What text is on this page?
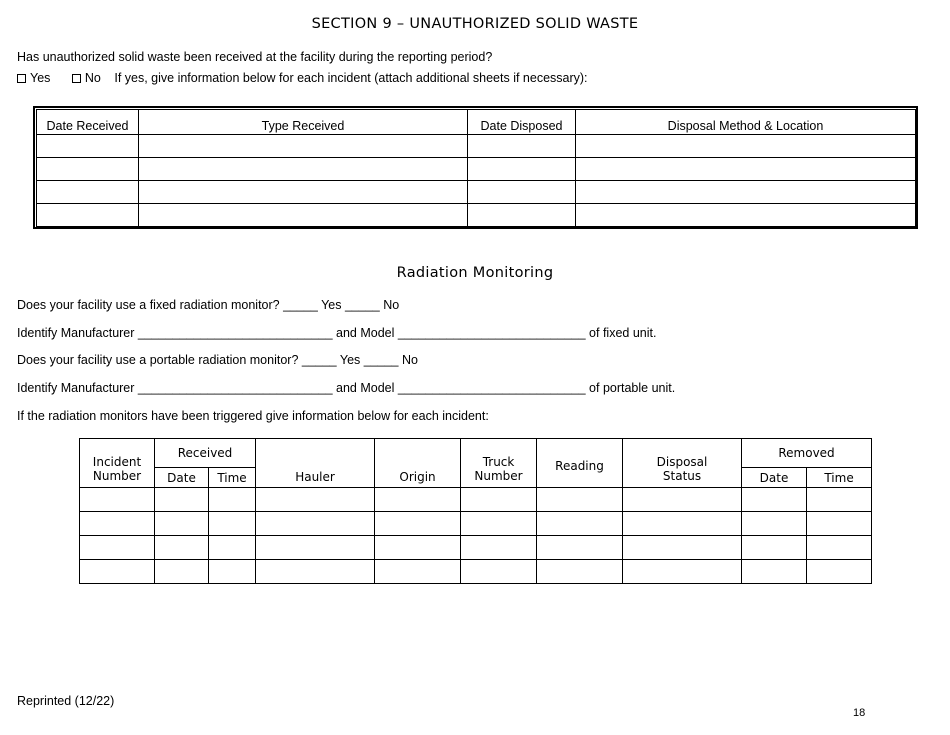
SECTION 9 – UNAUTHORIZED SOLID WASTE
Has unauthorized solid waste been received at the facility during the reporting period?
Yes	No If yes, give information below for each incident (attach additional sheets if necessary):
Date Received	Type Received	Date Disposed	Disposal Method & Location

Radiation Monitoring
Does your facility use a fixed radiation monitor? _____ Yes _____ No
Identify Manufacturer ____________________________ and Model ___________________________ of fixed unit.
Does your facility use a portable radiation monitor? _____ Yes _____ No
Identify Manufacturer ____________________________ and Model ___________________________ of portable unit.
If the radiation monitors have been triggered give information below for each incident:
Incident Number	Received		Hauler	Origin	Truck Number	Reading	Disposal Status	Removed	
	Date	Time						Date	Time

Reprinted (12/22)
18
